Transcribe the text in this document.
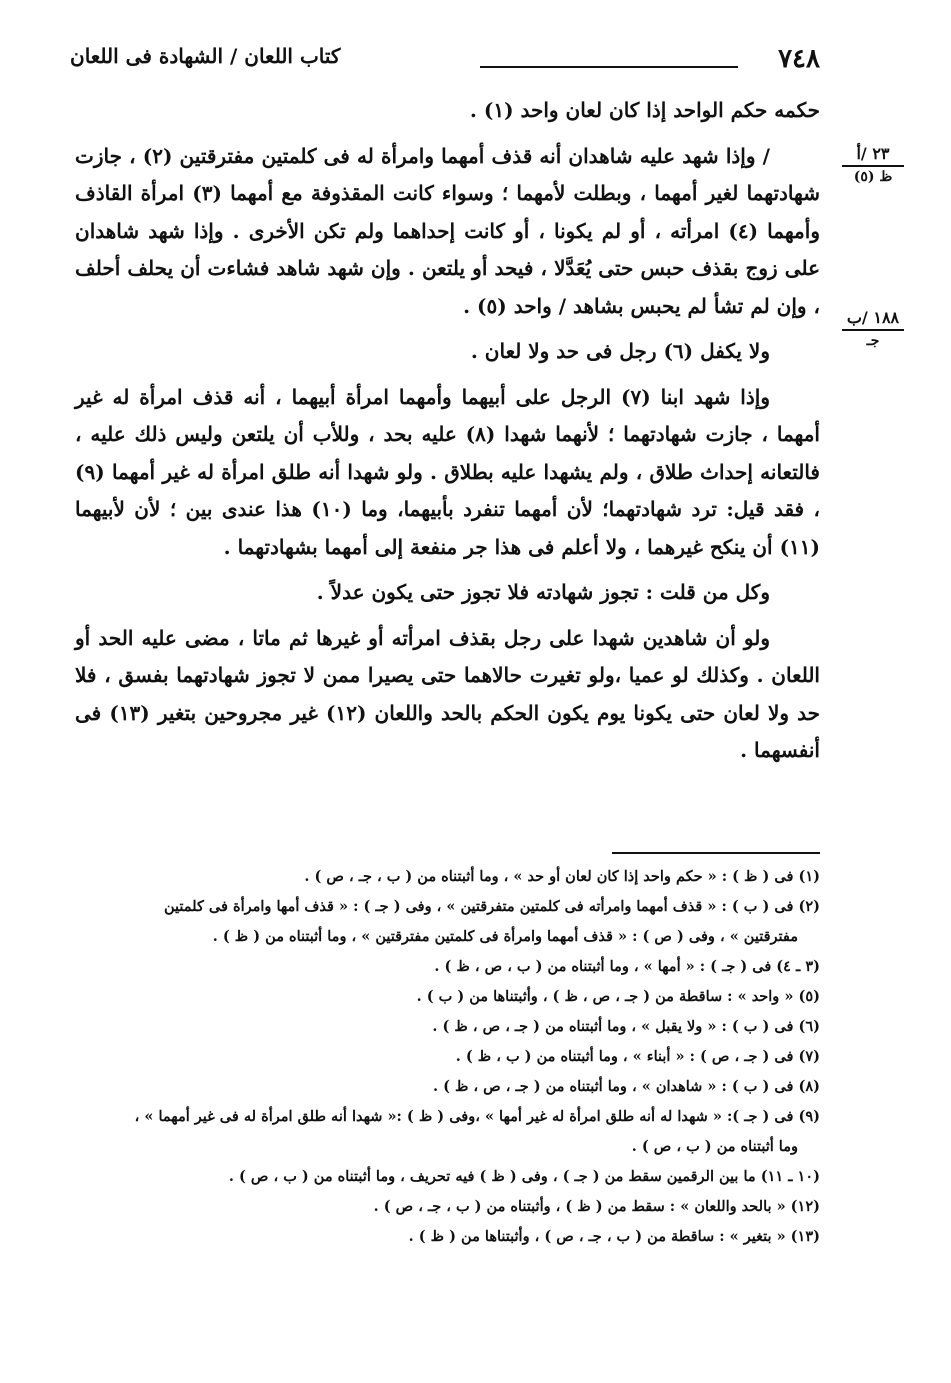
٧٤٨
كتاب اللعان / الشهادة فى اللعان
٢٣ /أ
ظ (٥)
١٨٨ /ب
جـ

حكمه حكم الواحد إذا كان لعان واحد (١) .

/ وإذا شهد عليه شاهدان أنه قذف أمهما وامرأة له فى كلمتين مفترقتين (٢) ، جازت شهادتهما لغير أمهما ، وبطلت لأمهما ؛ وسواء كانت المقذوفة مع أمهما (٣) امرأة القاذف وأمهما (٤) امرأته ، أو لم يكونا ، أو كانت إحداهما ولم تكن الأخرى . وإذا شهد شاهدان على زوج بقذف حبس حتى يُعَدَّلا ، فيحد أو يلتعن . وإن شهد شاهد فشاءت أن يحلف أحلف ، وإن لم تشأ لم يحبس بشاهد / واحد (٥) .

ولا يكفل (٦) رجل فى حد ولا لعان .

وإذا شهد ابنا (٧) الرجل على أبيهما وأمهما امرأة أبيهما ، أنه قذف امرأة له غير أمهما ، جازت شهادتهما ؛ لأنهما شهدا (٨) عليه بحد ، وللأب أن يلتعن وليس ذلك عليه ، فالتعانه إحداث طلاق ، ولم يشهدا عليه بطلاق . ولو شهدا أنه طلق امرأة له غير أمهما (٩) ، فقد قيل: ترد شهادتهما؛ لأن أمهما تنفرد بأبيهما، وما (١٠) هذا عندى بين ؛ لأن لأبيهما (١١) أن ينكح غيرهما ، ولا أعلم فى هذا جر منفعة إلى أمهما بشهادتهما .

وكل من قلت : تجوز شهادته فلا تجوز حتى يكون عدلاً .

ولو أن شاهدين شهدا على رجل بقذف امرأته أو غيرها ثم ماتا ، مضى عليه الحد أو اللعان . وكذلك لو عميا ،ولو تغيرت حالاهما حتى يصيرا ممن لا تجوز شهادتهما بفسق ، فلا حد ولا لعان حتى يكونا يوم يكون الحكم بالحد واللعان (١٢) غير مجروحين بتغير (١٣) فى أنفسهما .

(١) فى ( ظ ) : « حكم واحد إذا كان لعان أو حد » ، وما أثبتناه من ( ب ، جـ ، ص ) .

(٢) فى ( ب ) : « قذف أمهما وامرأته فى كلمتين متفرقتين » ، وفى ( جـ ) : « قذف أمها وامرأة فى كلمتين
مفترقتين » ، وفى ( ص ) : « قذف أمهما وامرأة فى كلمتين مفترقتين » ، وما أثبتناه من ( ظ ) .

(٣ ـ ٤) فى ( جـ ) : « أمها » ، وما أثبتناه من ( ب ، ص ، ظ ) .

(٥) « واحد » : ساقطة من ( جـ ، ص ، ظ ) ، وأثبتناها من ( ب ) .

(٦) فى ( ب ) : « ولا يقبل » ، وما أثبتناه من ( جـ ، ص ، ظ ) .

(٧) فى ( جـ ، ص ) : « أبناء » ، وما أثبتناه من ( ب ، ظ ) .

(٨) فى ( ب ) : « شاهدان » ، وما أثبتناه من ( جـ ، ص ، ظ ) .

(٩) فى ( جـ ): « شهدا له أنه طلق امرأة له غير أمها » ،وفى ( ظ ) :« شهدا أنه طلق امرأة له فى غير أمهما » ،
وما أثبتناه من ( ب ، ص ) .

(١٠ ـ ١١) ما بين الرقمين سقط من ( جـ ) ، وفى ( ظ ) فيه تحريف ، وما أثبتناه من ( ب ، ص ) .

(١٢) « بالحد واللعان » : سقط من ( ظ ) ، وأثبتناه من ( ب ، جـ ، ص ) .

(١٣) « بتغير » : ساقطة من ( ب ، جـ ، ص ) ، وأثبتناها من ( ظ ) .
